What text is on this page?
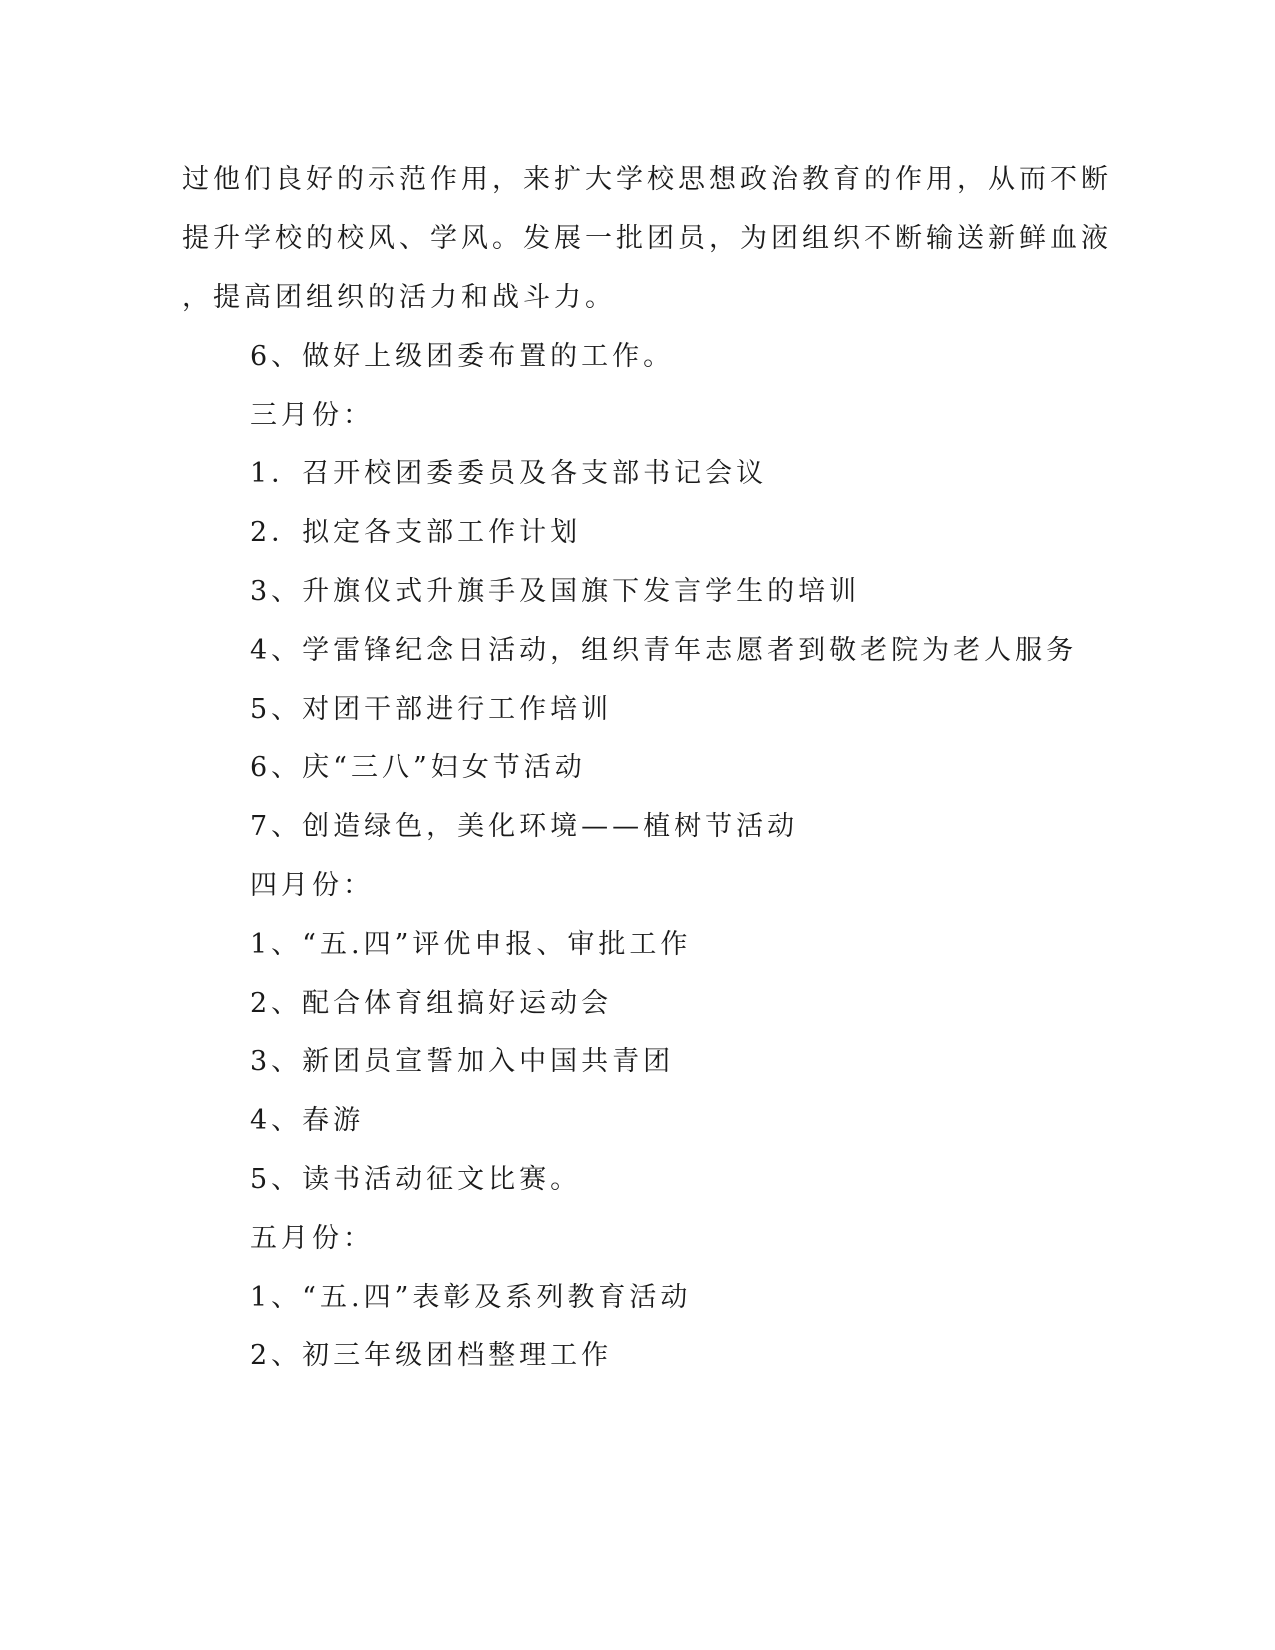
过他们良好的示范作用，来扩大学校思想政治教育的作用，从而不断
提升学校的校风、学风。发展一批团员，为团组织不断输送新鲜血液
，提高团组织的活力和战斗力。
6、做好上级团委布置的工作。
三月份：
1．召开校团委委员及各支部书记会议
2．拟定各支部工作计划
3、升旗仪式升旗手及国旗下发言学生的培训
4、学雷锋纪念日活动，组织青年志愿者到敬老院为老人服务
5、对团干部进行工作培训
6、庆“三八”妇女节活动
7、创造绿色，美化环境——植树节活动
四月份：
1、“五.四”评优申报、审批工作
2、配合体育组搞好运动会
3、新团员宣誓加入中国共青团
4、春游
5、读书活动征文比赛。
五月份：
1、“五.四”表彰及系列教育活动
2、初三年级团档整理工作
